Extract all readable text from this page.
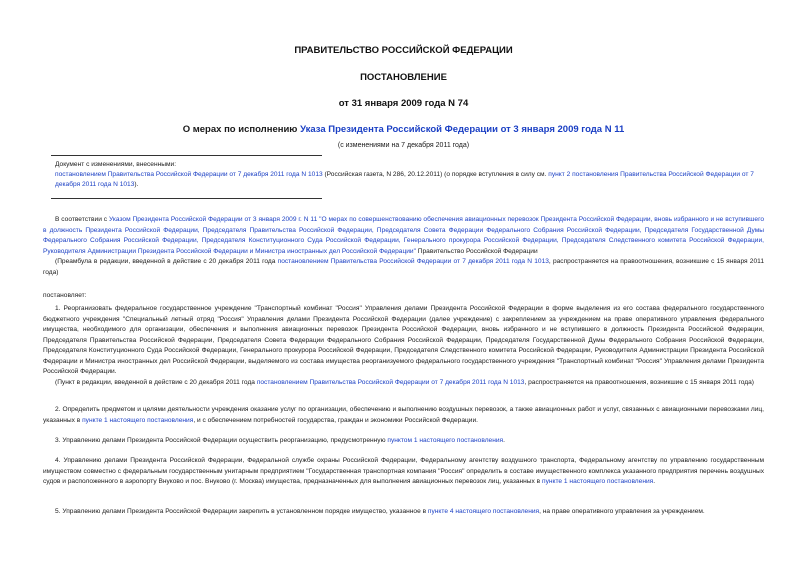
ПРАВИТЕЛЬСТВО РОССИЙСКОЙ ФЕДЕРАЦИИ
ПОСТАНОВЛЕНИЕ
от 31 января 2009 года N 74
О мерах по исполнению Указа Президента Российской Федерации от 3 января 2009 года N 11
(с изменениями на 7 декабря 2011 года)
Документ с изменениями, внесенными:
постановлением Правительства Российской Федерации от 7 декабря 2011 года N 1013 (Российская газета, N 286, 20.12.2011) (о порядке вступления в силу см. пункт 2 постановления Правительства Российской Федерации от 7 декабря 2011 года N 1013).
В соответствии с Указом Президента Российской Федерации от 3 января 2009 г. N 11 "О мерах по совершенствованию обеспечения авиационных перевозок Президента Российской Федерации, вновь избранного и не вступившего в должность Президента Российской Федерации, Председателя Правительства Российской Федерации, Председателя Совета Федерации Федерального Собрания Российской Федерации, Председателя Государственной Думы Федерального Собрания Российской Федерации, Председателя Конституционного Суда Российской Федерации, Генерального прокурора Российской Федерации, Председателя Следственного комитета Российской Федерации, Руководителя Администрации Президента Российской Федерации и Министра иностранных дел Российской Федерации" Правительство Российской Федерации
(Преамбула в редакции, введенной в действие с 20 декабря 2011 года постановлением Правительства Российской Федерации от 7 декабря 2011 года N 1013, распространяется на правоотношения, возникшие с 15 января 2011 года)
постановляет:
1. Реорганизовать федеральное государственное учреждение "Транспортный комбинат "Россия" Управления делами Президента Российской Федерации в форме выделения из его состава федерального государственного бюджетного учреждения "Специальный летный отряд "Россия" Управления делами Президента Российской Федерации (далее учреждение) с закреплением за учреждением на праве оперативного управления федерального имущества, необходимого для организации, обеспечения и выполнения авиационных перевозок Президента Российской Федерации, вновь избранного и не вступившего в должность Президента Российской Федерации, Председателя Правительства Российской Федерации, Председателя Совета Федерации Федерального Собрания Российской Федерации, Председателя Государственной Думы Федерального Собрания Российской Федерации, Председателя Конституционного Суда Российской Федерации, Генерального прокурора Российской Федерации, Председателя Следственного комитета Российской Федерации, Руководителя Администрации Президента Российской Федерации и Министра иностранных дел Российской Федерации, выделяемого из состава имущества реорганизуемого федерального государственного учреждения "Транспортный комбинат "Россия" Управления делами Президента Российской Федерации.
(Пункт в редакции, введенной в действие с 20 декабря 2011 года постановлением Правительства Российской Федерации от 7 декабря 2011 года N 1013, распространяется на правоотношения, возникшие с 15 января 2011 года)
2. Определить предметом и целями деятельности учреждения оказание услуг по организации, обеспечению и выполнению воздушных перевозок, а также авиационных работ и услуг, связанных с авиационными перевозками лиц, указанных в пункте 1 настоящего постановления, и с обеспечением потребностей государства, граждан и экономики Российской Федерации.
3. Управлению делами Президента Российской Федерации осуществить реорганизацию, предусмотренную пунктом 1 настоящего постановления.
4. Управлению делами Президента Российской Федерации, Федеральной службе охраны Российской Федерации, Федеральному агентству воздушного транспорта, Федеральному агентству по управлению государственным имуществом совместно с федеральным государственным унитарным предприятием "Государственная транспортная компания "Россия" определить в составе имущественного комплекса указанного предприятия перечень воздушных судов и расположенного в аэропорту Внуково и пос. Внуково (г. Москва) имущества, предназначенных для выполнения авиационных перевозок лиц, указанных в пункте 1 настоящего постановления.
5. Управлению делами Президента Российской Федерации закрепить в установленном порядке имущество, указанное в пункте 4 настоящего постановления, на праве оперативного управления за учреждением.
